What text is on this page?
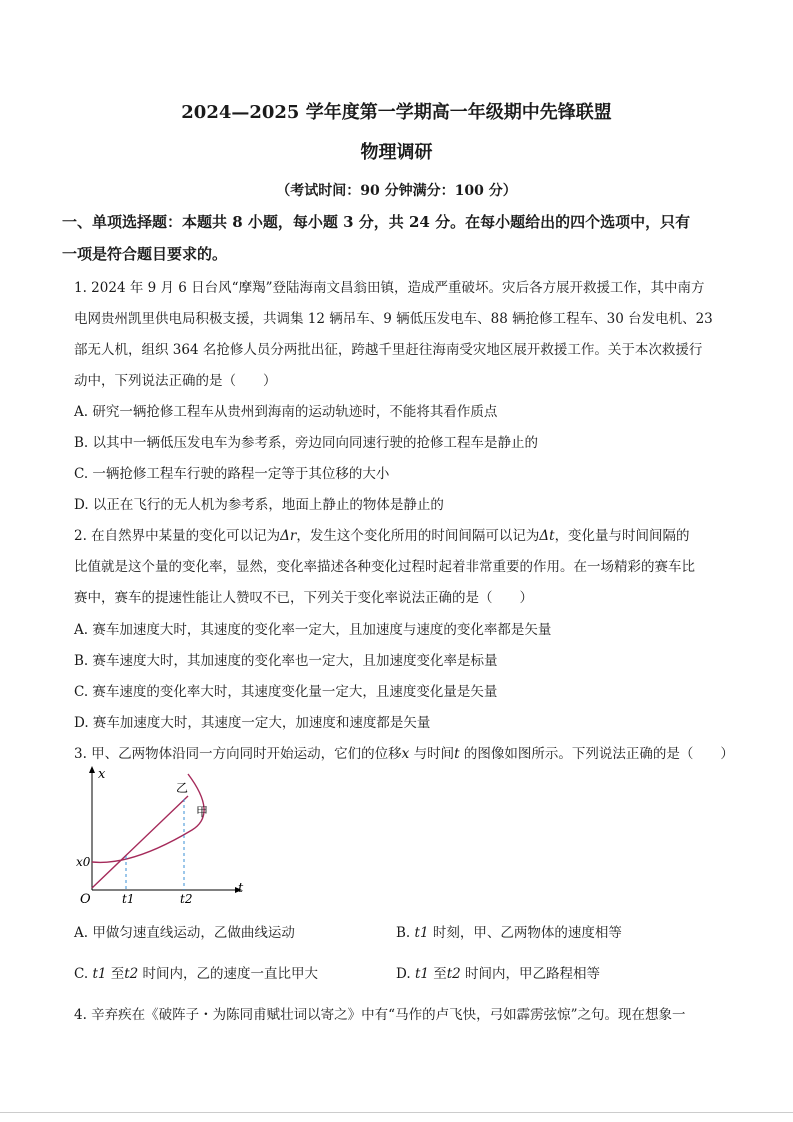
2024—2025 学年度第一学期高一年级期中先锋联盟
物理调研
（考试时间：90 分钟满分：100 分）
一、单项选择题：本题共 8 小题，每小题 3 分，共 24 分。在每小题给出的四个选项中，只有
一项是符合题目要求的。
1. 2024 年 9 月 6 日台风“摩羯”登陆海南文昌翁田镇，造成严重破坏。灾后各方展开救援工作，其中南方
电网贵州凯里供电局积极支援，共调集 12 辆吊车、9 辆低压发电车、88 辆抢修工程车、30 台发电机、23
部无人机，组织 364 名抢修人员分两批出征，跨越千里赶往海南受灾地区展开救援工作。关于本次救援行
动中，下列说法正确的是（　　）
A. 研究一辆抢修工程车从贵州到海南的运动轨迹时，不能将其看作质点
B. 以其中一辆低压发电车为参考系，旁边同向同速行驶的抢修工程车是静止的
C. 一辆抢修工程车行驶的路程一定等于其位移的大小
D. 以正在飞行的无人机为参考系，地面上静止的物体是静止的
2. 在自然界中某量的变化可以记为Δr，发生这个变化所用的时间间隔可以记为Δt，变化量与时间间隔的
比值就是这个量的变化率，显然，变化率描述各种变化过程时起着非常重要的作用。在一场精彩的赛车比
赛中，赛车的提速性能让人赞叹不已，下列关于变化率说法正确的是（　　）
A. 赛车加速度大时，其速度的变化率一定大，且加速度与速度的变化率都是矢量
B. 赛车速度大时，其加速度的变化率也一定大，且加速度变化率是标量
C. 赛车速度的变化率大时，其速度变化量一定大，且速度变化量是矢量
D. 赛车加速度大时，其速度一定大，加速度和速度都是矢量
3. 甲、乙两物体沿同一方向同时开始运动，它们的位移x 与时间t 的图像如图所示。下列说法正确的是（　　）
x
t
O
x0
t1	t2
乙
甲
A. 甲做匀速直线运动，乙做曲线运动	B. t1 时刻，甲、乙两物体的速度相等
C. t1 至t2 时间内，乙的速度一直比甲大	D. t1 至t2 时间内，甲乙路程相等
4. 辛弃疾在《破阵子・为陈同甫赋壮词以寄之》中有“马作的卢飞快，弓如霹雳弦惊”之句。现在想象一
